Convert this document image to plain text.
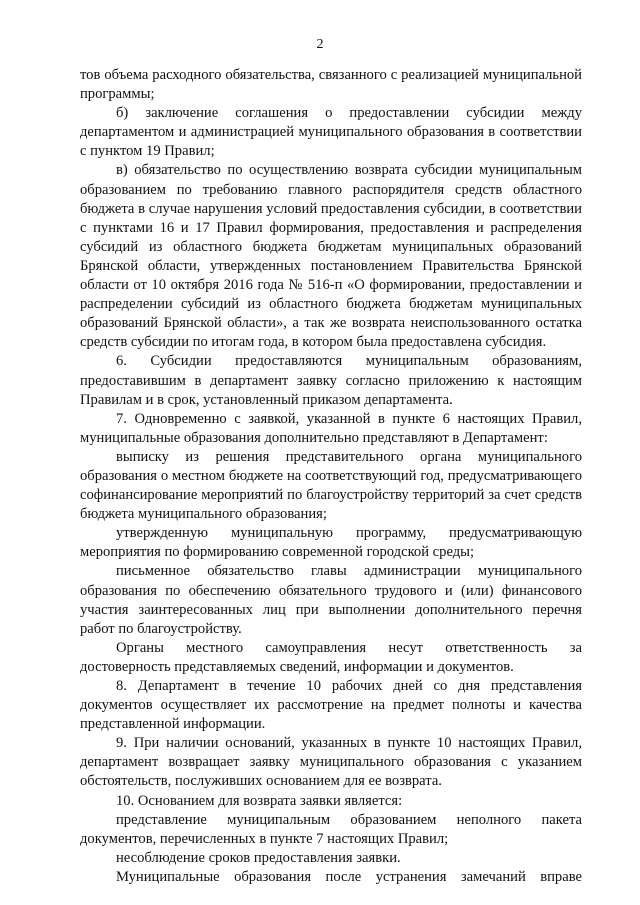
2

тов объема расходного обязательства, связанного с реализацией муниципальной программы;

б) заключение соглашения о предоставлении субсидии между департаментом и администрацией муниципального образования в соответствии с пунктом 19 Правил;

в) обязательство по осуществлению возврата субсидии муниципальным образованием по требованию главного распорядителя средств областного бюджета в случае нарушения условий предоставления субсидии, в соответствии с пунктами 16 и 17 Правил формирования, предоставления и распределения субсидий из областного бюджета бюджетам муниципальных образований Брянской области, утвержденных постановлением Правительства Брянской области от 10 октября 2016 года № 516-п «О формировании, предоставлении и распределении субсидий из областного бюджета бюджетам муниципальных образований Брянской области», а так же возврата неиспользованного остатка средств субсидии по итогам года, в котором была предоставлена субсидия.

6. Субсидии предоставляются муниципальным образованиям, предоставившим в департамент заявку согласно приложению к настоящим Правилам и в срок, установленный приказом департамента.

7. Одновременно с заявкой, указанной в пункте 6 настоящих Правил, муниципальные образования дополнительно представляют в Департамент:

выписку из решения представительного органа муниципального образования о местном бюджете на соответствующий год, предусматривающего софинансирование мероприятий по благоустройству территорий за счет средств бюджета муниципального образования;

утвержденную муниципальную программу, предусматривающую мероприятия по формированию современной городской среды;

письменное обязательство главы администрации муниципального образования по обеспечению обязательного трудового и (или) финансового участия заинтересованных лиц при выполнении дополнительного перечня работ по благоустройству.

Органы местного самоуправления несут ответственность за достоверность представляемых сведений, информации и документов.

8. Департамент в течение 10 рабочих дней со дня представления документов осуществляет их рассмотрение на предмет полноты и качества представленной информации.

9. При наличии оснований, указанных в пункте 10 настоящих Правил, департамент возвращает заявку муниципального образования с указанием обстоятельств, послуживших основанием для ее возврата.

10. Основанием для возврата заявки является:

представление муниципальным образованием неполного пакета документов, перечисленных в пункте 7 настоящих Правил;

несоблюдение сроков предоставления заявки.

Муниципальные образования после устранения замечаний вправе
